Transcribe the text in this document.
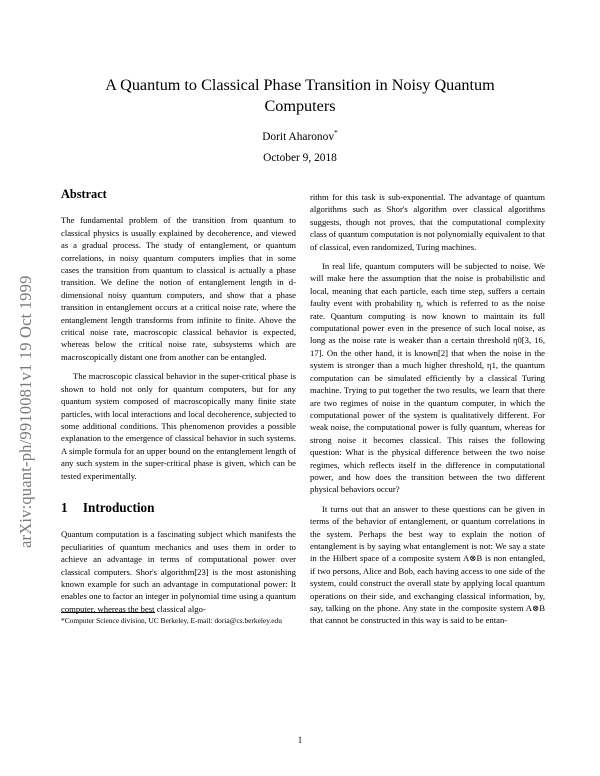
arXiv:quant-ph/9910081v1 19 Oct 1999
A Quantum to Classical Phase Transition in Noisy Quantum Computers
Dorit Aharonov*
October 9, 2018
Abstract

The fundamental problem of the transition from quantum to classical physics is usually explained by decoherence, and viewed as a gradual process. The study of entanglement, or quantum correlations, in noisy quantum computers implies that in some cases the transition from quantum to classical is actually a phase transition. We define the notion of entanglement length in d-dimensional noisy quantum computers, and show that a phase transition in entanglement occurs at a critical noise rate, where the entanglement length transforms from infinite to finite. Above the critical noise rate, macroscopic classical behavior is expected, whereas below the critical noise rate, subsystems which are macroscopically distant one from another can be entangled.

The macroscopic classical behavior in the super-critical phase is shown to hold not only for quantum computers, but for any quantum system composed of macroscopically many finite state particles, with local interactions and local decoherence, subjected to some additional conditions. This phenomenon provides a possible explanation to the emergence of classical behavior in such systems. A simple formula for an upper bound on the entanglement length of any such system in the super-critical phase is given, which can be tested experimentally.

1 Introduction

Quantum computation is a fascinating subject which manifests the peculiarities of quantum mechanics and uses them in order to achieve an advantage in terms of computational power over classical computers. Shor's algorithm[23] is the most astonishing known example for such an advantage in computational power: It enables one to factor an integer in polynomial time using a quantum computer, whereas the best classical algo-

*Computer Science division, UC Berkeley, E-mail: doria@cs.berkeley.edu

rithm for this task is sub-exponential. The advantage of quantum algorithms such as Shor's algorithm over classical algorithms suggests, though not proves, that the computational complexity class of quantum computation is not polynomially equivalent to that of classical, even randomized, Turing machines.

In real life, quantum computers will be subjected to noise. We will make here the assumption that the noise is probabilistic and local, meaning that each particle, each time step, suffers a certain faulty event with probability η, which is referred to as the noise rate. Quantum computing is now known to maintain its full computational power even in the presence of such local noise, as long as the noise rate is weaker than a certain threshold η0[3, 16, 17]. On the other hand, it is known[2] that when the noise in the system is stronger than a much higher threshold, η1, the quantum computation can be simulated efficiently by a classical Turing machine. Trying to put together the two results, we learn that there are two regimes of noise in the quantum computer, in which the computational power of the system is qualitatively different. For weak noise, the computational power is fully quantum, whereas for strong noise it becomes classical. This raises the following question: What is the physical difference between the two noise regimes, which reflects itself in the difference in computational power, and how does the transition between the two different physical behaviors occur?

It turns out that an answer to these questions can be given in terms of the behavior of entanglement, or quantum correlations in the system. Perhaps the best way to explain the notion of entanglement is by saying what entanglement is not: We say a state in the Hilbert space of a composite system A⊗B is non entangled, if two persons, Alice and Bob, each having access to one side of the system, could construct the overall state by applying local quantum operations on their side, and exchanging classical information, by, say, talking on the phone. Any state in the composite system A⊗B that cannot be constructed in this way is said to be entan-

1
